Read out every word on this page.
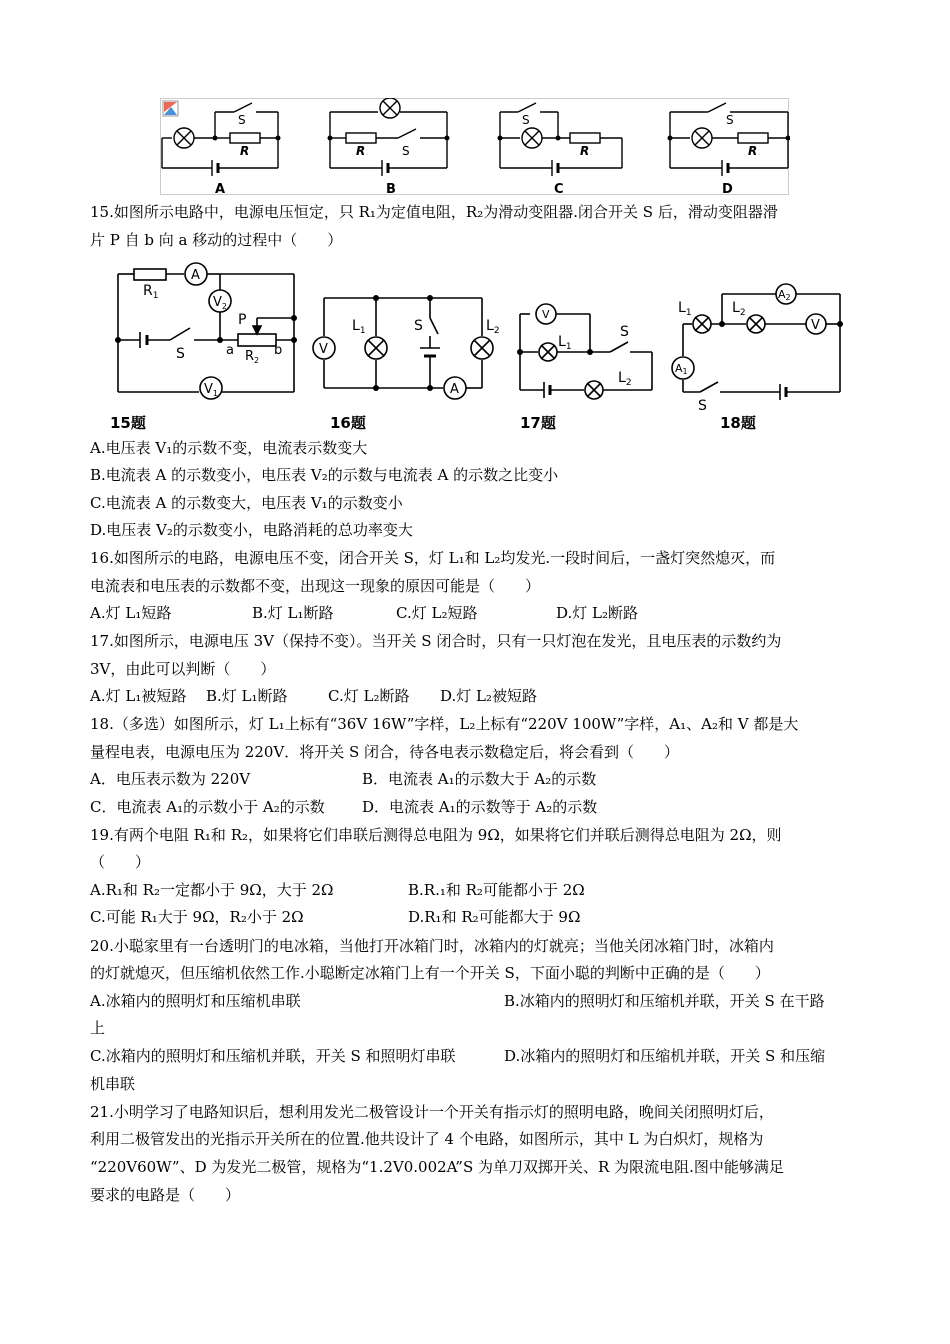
S
R
A
R	S
B
S
R
C
S
R
D
15.如图所示电路中，电源电压恒定，只 R₁为定值电阻，R₂为滑动变阻器.闭合开关 S 后，滑动变阻器滑
片 P 自 b 向 a 移动的过程中（　　）
$R_1$
A
$V_2$
P
a	b
$R_2$
S
$V_1$
V
$L_1$	S	$L_2$
A
V
$L_1$
S
$L_2$
$L_1$	$L_2$
A2
V
A1
S
15题	16题	17题	18题
A.电压表 V₁的示数不变，电流表示数变大
B.电流表 A 的示数变小，电压表 V₂的示数与电流表 A 的示数之比变小
C.电流表 A 的示数变大，电压表 V₁的示数变小
D.电压表 V₂的示数变小，电路消耗的总功率变大
16.如图所示的电路，电源电压不变，闭合开关 S，灯 L₁和 L₂均发光.一段时间后，一盏灯突然熄灭，而
电流表和电压表的示数都不变，出现这一现象的原因可能是（　　）
A.灯 L₁短路	B.灯 L₁断路	C.灯 L₂短路	D.灯 L₂断路
17.如图所示，电源电压 3V（保持不变）。当开关 S 闭合时，只有一只灯泡在发光，且电压表的示数约为
3V，由此可以判断（　　）
A.灯 L₁被短路 B.灯 L₁断路	C.灯 L₂断路 D.灯 L₂被短路
18.（多选）如图所示，灯 L₁上标有“36V 16W”字样，L₂上标有“220V 100W”字样，A₁、A₂和 V 都是大
量程电表，电源电压为 220V．将开关 S 闭合，待各电表示数稳定后，将会看到（　　）
A．电压表示数为 220V	B．电流表 A₁的示数大于 A₂的示数
C．电流表 A₁的示数小于 A₂的示数 D．电流表 A₁的示数等于 A₂的示数
19.有两个电阻 R₁和 R₂，如果将它们串联后测得总电阻为 9Ω，如果将它们并联后测得总电阻为 2Ω，则
（　　）
A.R₁和 R₂一定都小于 9Ω，大于 2Ω	B.R.₁和 R₂可能都小于 2Ω
C.可能 R₁大于 9Ω，R₂小于 2Ω	D.R₁和 R₂可能都大于 9Ω
20.小聪家里有一台透明门的电冰箱，当他打开冰箱门时，冰箱内的灯就亮；当他关闭冰箱门时，冰箱内
的灯就熄灭，但压缩机依然工作.小聪断定冰箱门上有一个开关 S，下面小聪的判断中正确的是（　　）
A.冰箱内的照明灯和压缩机串联	B.冰箱内的照明灯和压缩机并联，开关 S 在干路
上
C.冰箱内的照明灯和压缩机并联，开关 S 和照明灯串联	D.冰箱内的照明灯和压缩机并联，开关 S 和压缩
机串联
21.小明学习了电路知识后，想利用发光二极管设计一个开关有指示灯的照明电路，晚间关闭照明灯后，
利用二极管发出的光指示开关所在的位置.他共设计了 4 个电路，如图所示，其中 L 为白炽灯，规格为
“220V60W”、D 为发光二极管，规格为“1.2V0.002A”S 为单刀双掷开关、R 为限流电阻.图中能够满足
要求的电路是（　　）
